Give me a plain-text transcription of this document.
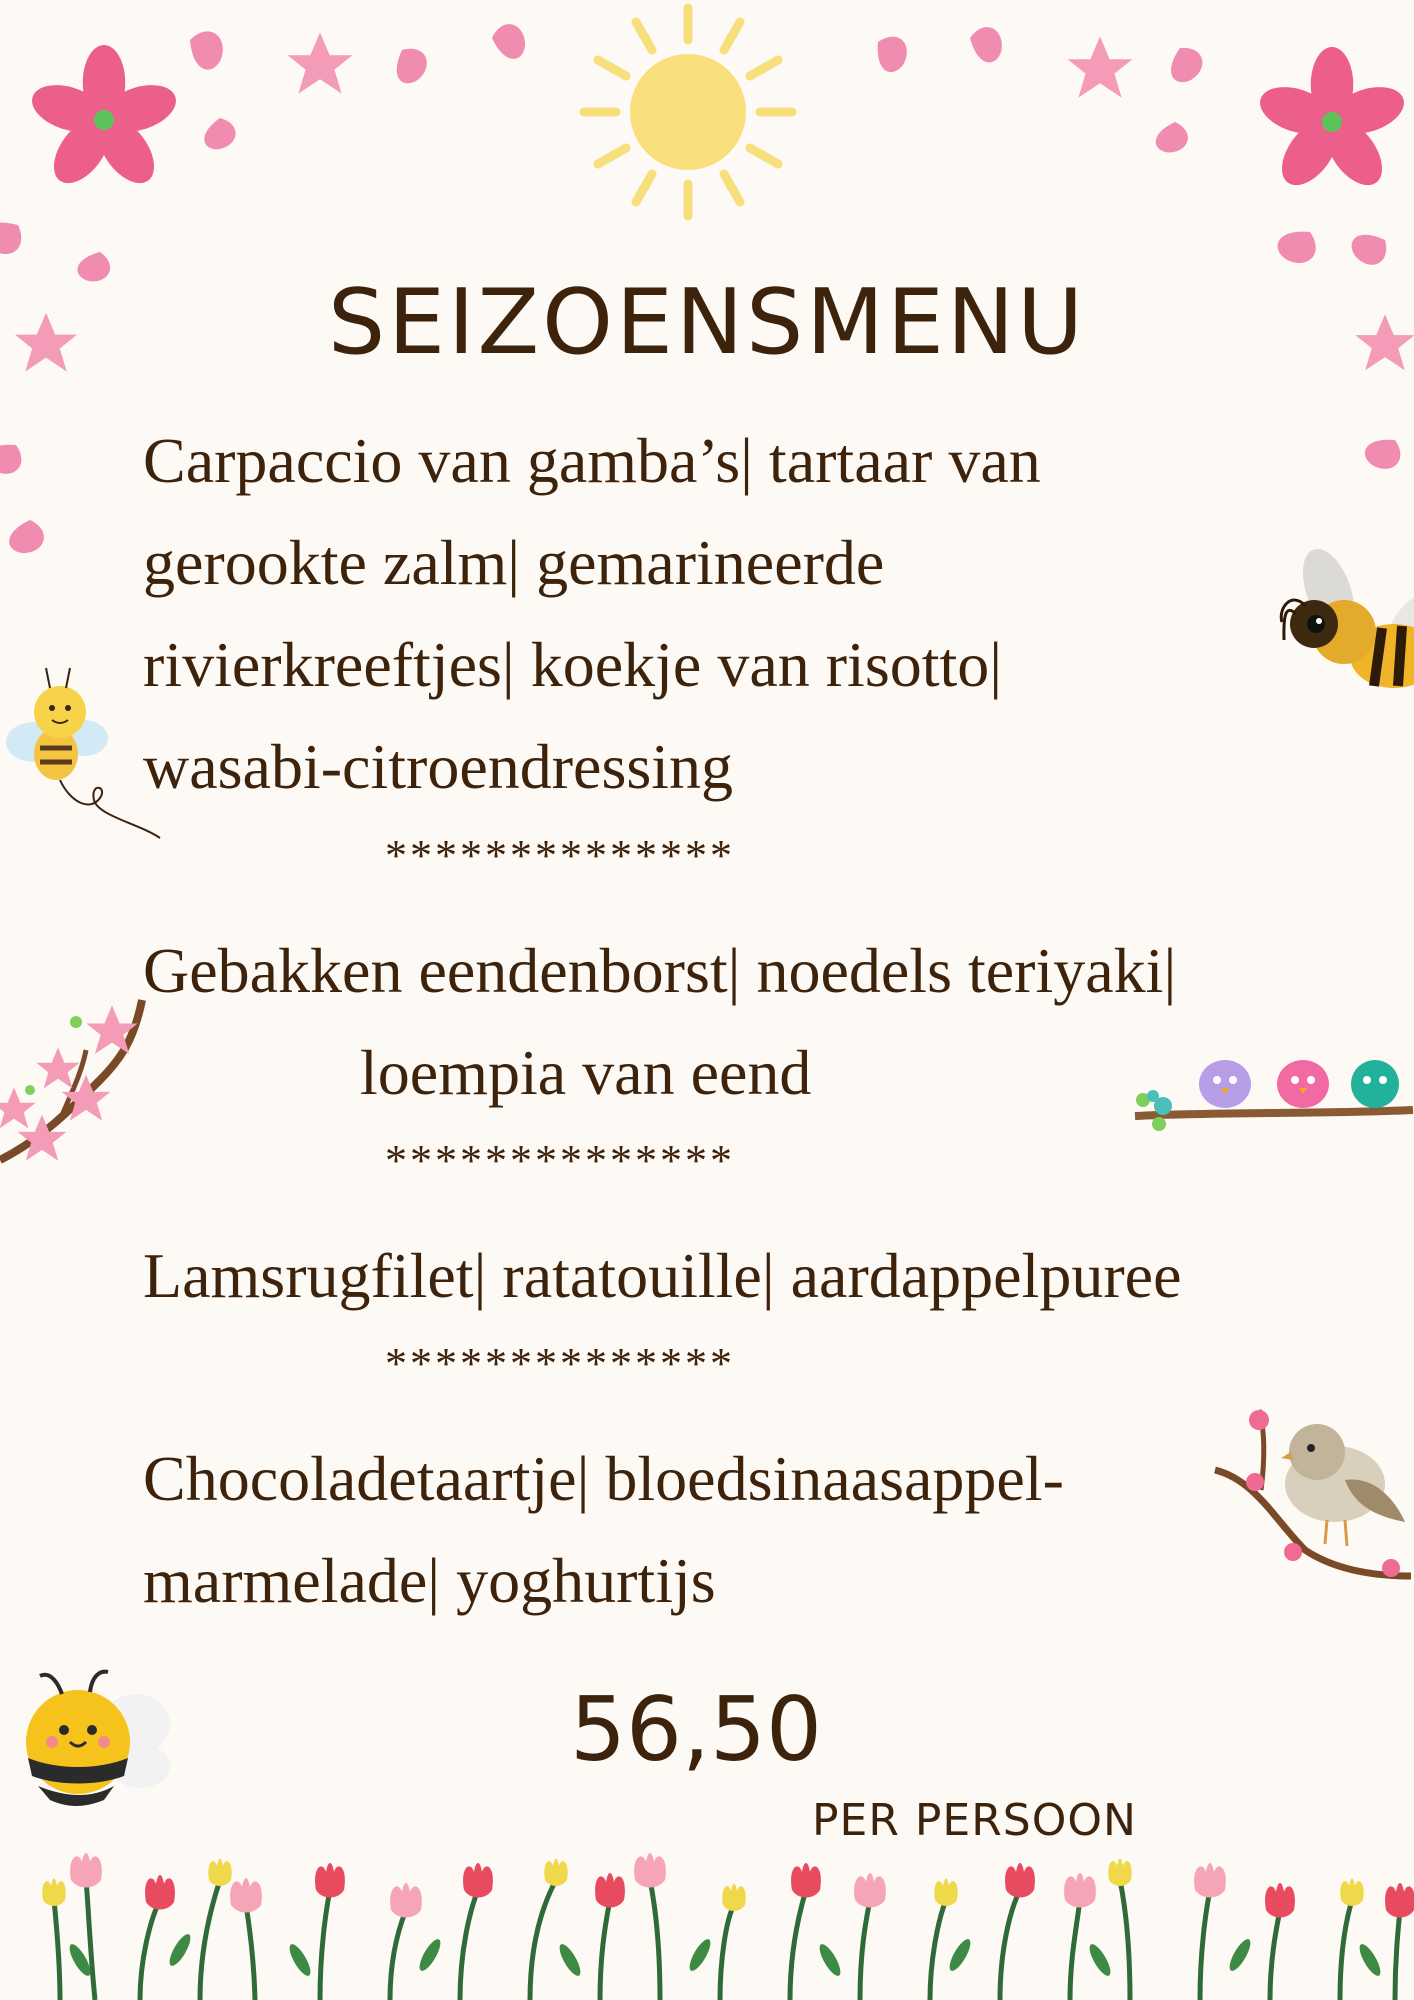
SEIZOENSMENU
Carpaccio van gamba’s| tartaar van
gerookte zalm| gemarineerde
rivierkreeftjes| koekje van risotto|
wasabi-citroendressing
**************
Gebakken eendenborst| noedels teriyaki|
loempia van eend
**************
Lamsrugfilet| ratatouille| aardappelpuree
**************
Chocoladetaartje| bloedsinaasappel-
marmelade| yoghurtijs
56,50
PER PERSOON
